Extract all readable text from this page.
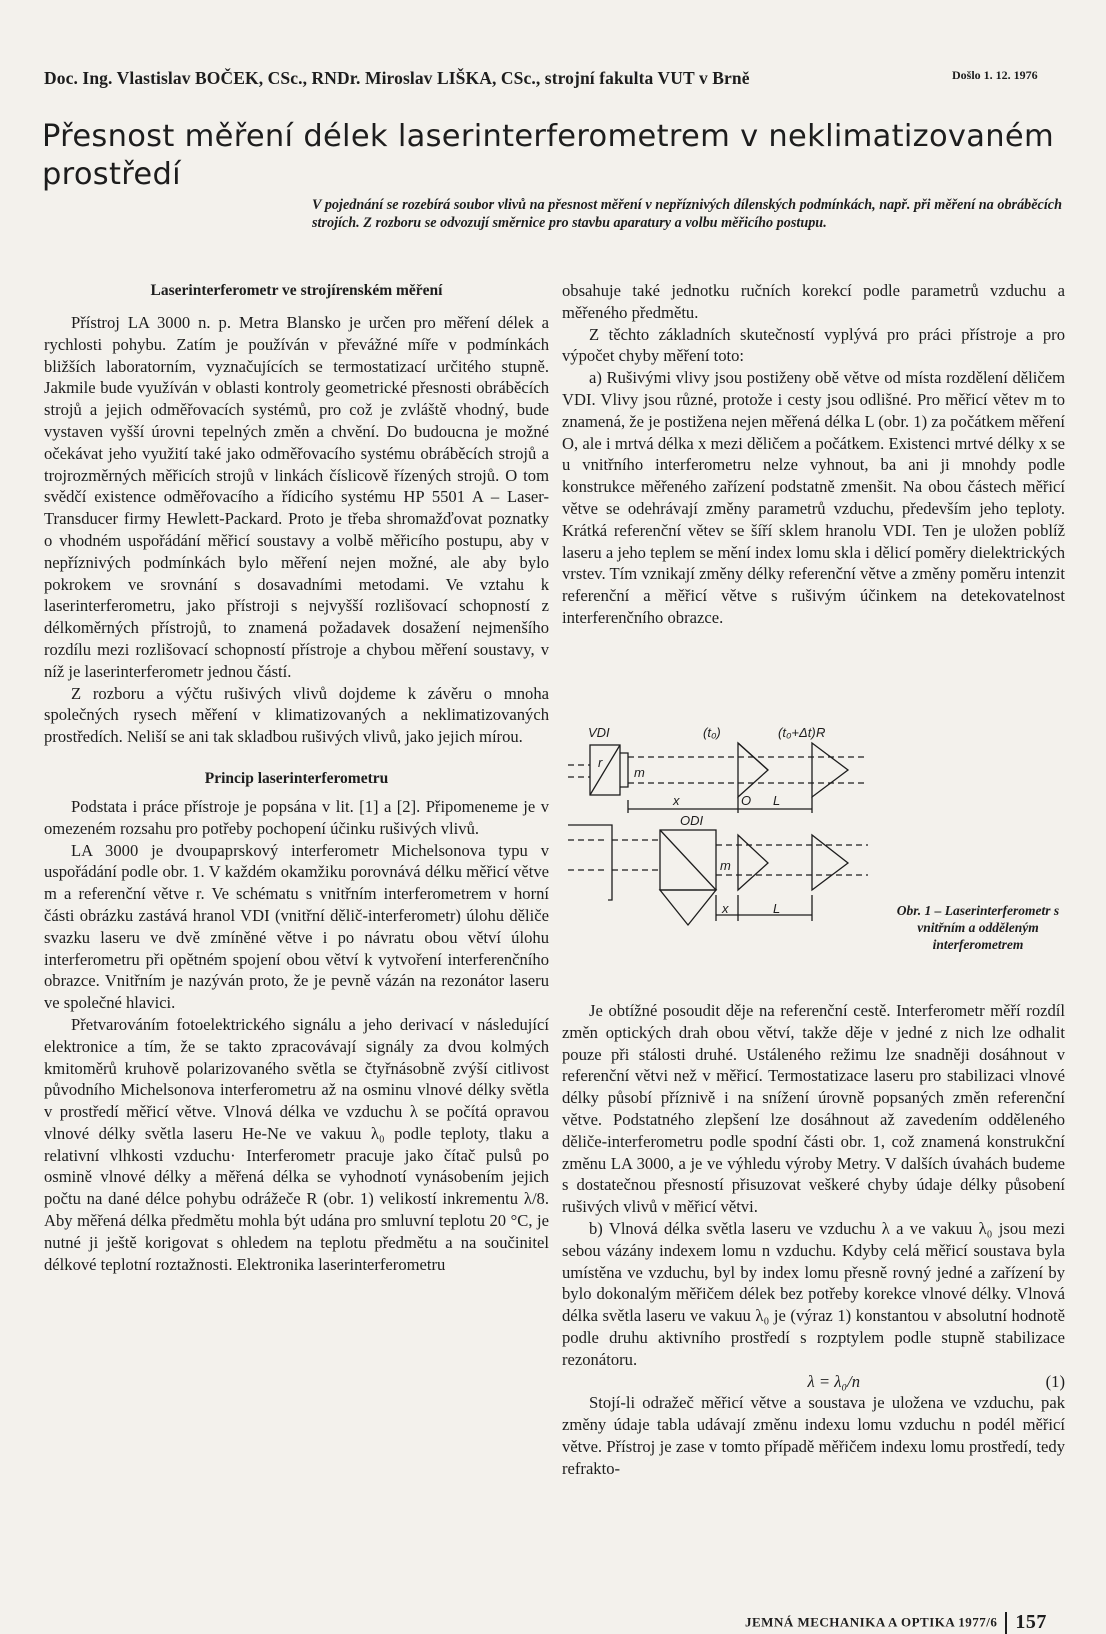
Doc. Ing. Vlastislav BOČEK, CSc., RNDr. Miroslav LIŠKA, CSc., strojní fakulta VUT v Brně	Došlo 1. 12. 1976
Přesnost měření délek laserinterferometrem v neklimatizovaném prostředí

V pojednání se rozebírá soubor vlivů na přesnost měření v nepříznivých dílenských podmínkách, např. při měření na obráběcích strojích. Z rozboru se odvozují směrnice pro stavbu aparatury a volbu měřicího postupu.

Laserinterferometr ve strojírenském měření

Přístroj LA 3000 n. p. Metra Blansko je určen pro měření délek a rychlosti pohybu. Zatím je používán v převážné míře v podmínkách bližších laboratorním, vyznačujících se termostatizací určitého stupně. Jakmile bude využíván v oblasti kontroly geometrické přesnosti obráběcích strojů a jejich odměřovacích systémů, pro což je zvláště vhodný, bude vystaven vyšší úrovni tepelných změn a chvění. Do budoucna je možné očekávat jeho využití také jako odměřovacího systému obráběcích strojů a trojrozměrných měřicích strojů v linkách číslicově řízených strojů. O tom svědčí existence odměřovacího a řídicího systému HP 5501 A – Laser-Transducer firmy Hewlett-Packard. Proto je třeba shromažďovat poznatky o vhodném uspořádání měřicí soustavy a volbě měřicího postupu, aby v nepříznivých podmínkách bylo měření nejen možné, ale aby bylo pokrokem ve srovnání s dosavadními metodami. Ve vztahu k laserinterferometru, jako přístroji s nejvyšší rozlišovací schopností z délkoměrných přístrojů, to znamená požadavek dosažení nejmenšího rozdílu mezi rozlišovací schopností přístroje a chybou měření soustavy, v níž je laserinterferometr jednou částí.

Z rozboru a výčtu rušivých vlivů dojdeme k závěru o mnoha společných rysech měření v klimatizovaných a neklimatizovaných prostředích. Neliší se ani tak skladbou rušivých vlivů, jako jejich mírou.

Princip laserinterferometru

Podstata i práce přístroje je popsána v lit. [1] a [2]. Připomeneme je v omezeném rozsahu pro potřeby pochopení účinku rušivých vlivů.

LA 3000 je dvoupaprskový interferometr Michelsonova typu v uspořádání podle obr. 1. V každém okamžiku porovnává délku měřicí větve m a referenční větve r. Ve schématu s vnitřním interferometrem v horní části obrázku zastává hranol VDI (vnitřní dělič-interferometr) úlohu děliče svazku laseru ve dvě zmíněné větve i po návratu obou větví úlohu interferometru při opětném spojení obou větví k vytvoření interferenčního obrazce. Vnitřním je nazýván proto, že je pevně vázán na rezonátor laseru ve společné hlavici.

Přetvarováním fotoelektrického signálu a jeho derivací v následující elektronice a tím, že se takto zpracovávají signály za dvou kolmých kmitoměrů kruhově polarizovaného světla se čtyřnásobně zvýší citlivost původního Michelsonova interferometru až na osminu vlnové délky světla v prostředí měřicí větve. Vlnová délka ve vzduchu λ se počítá opravou vlnové délky světla laseru He-Ne ve vakuu λ₀ podle teploty, tlaku a relativní vlhkosti vzduchu· Interferometr pracuje jako čítač pulsů po osmině vlnové délky a měřená délka se vyhodnotí vynásobením jejich počtu na dané délce pohybu odrážeče R (obr. 1) velikostí inkrementu λ/8. Aby měřená délka předmětu mohla být udána pro smluvní teplotu 20 °C, je nutné ji ještě korigovat s ohledem na teplotu předmětu a na součinitel délkové teplotní roztažnosti. Elektronika laserinterferometru

obsahuje také jednotku ručních korekcí podle parametrů vzduchu a měřeného předmětu.

Z těchto základních skutečností vyplývá pro práci přístroje a pro výpočet chyby měření toto:

a) Rušivými vlivy jsou postiženy obě větve od místa rozdělení děličem VDI. Vlivy jsou různé, protože i cesty jsou odlišné. Pro měřicí větev m to znamená, že je postižena nejen měřená délka L (obr. 1) za počátkem měření O, ale i mrtvá délka x mezi děličem a počátkem. Existenci mrtvé délky x se u vnitřního interferometru nelze vyhnout, ba ani ji mnohdy podle konstrukce měřeného zařízení podstatně zmenšit. Na obou částech měřicí větve se odehrávají změny parametrů vzduchu, především jeho teploty. Krátká referenční větev se šíří sklem hranolu VDI. Ten je uložen poblíž laseru a jeho teplem se mění index lomu skla i dělicí poměry dielektrických vrstev. Tím vznikají změny délky referenční větve a změny poměru intenzit referenční a měřicí větve s rušivým účinkem na detekovatelnost interferenčního obrazce.

VDI
r
m
(t₀)	(t₀+Δt) R
x	O L
ODI
m
x	L	Obr. 1 – Laserinterferometr s vnitřním a odděleným interferometrem

Je obtížné posoudit děje na referenční cestě. Interferometr měří rozdíl změn optických drah obou větví, takže děje v jedné z nich lze odhalit pouze při stálosti druhé. Ustáleného režimu lze snadněji dosáhnout v referenční větvi než v měřicí. Termostatizace laseru pro stabilizaci vlnové délky působí příznivě i na snížení úrovně popsaných změn referenční větve. Podstatného zlepšení lze dosáhnout až zavedením odděleného děliče-interferometru podle spodní části obr. 1, což znamená konstrukční změnu LA 3000, a je ve výhledu výroby Metry. V dalších úvahách budeme s dostatečnou přesností přisuzovat veškeré chyby údaje délky působení rušivých vlivů v měřicí větvi.

b) Vlnová délka světla laseru ve vzduchu λ a ve vakuu λ₀ jsou mezi sebou vázány indexem lomu n vzduchu. Kdyby celá měřicí soustava byla umístěna ve vzduchu, byl by index lomu přesně rovný jedné a zařízení by bylo dokonalým měřičem délek bez potřeby korekce vlnové délky. Vlnová délka světla laseru ve vakuu λ₀ je (výraz 1) konstantou v absolutní hodnotě podle druhu aktivního prostředí s rozptylem podle stupně stabilizace rezonátoru.

λ = λ₀/n	(1)

Stojí-li odražeč měřicí větve a soustava je uložena ve vzduchu, pak změny údaje tabla udávají změnu indexu lomu vzduchu n podél měřicí větve. Přístroj je zase v tomto případě měřičem indexu lomu prostředí, tedy refrakto-

JEMNÁ MECHANIKA A OPTIKA 1977/6 157
